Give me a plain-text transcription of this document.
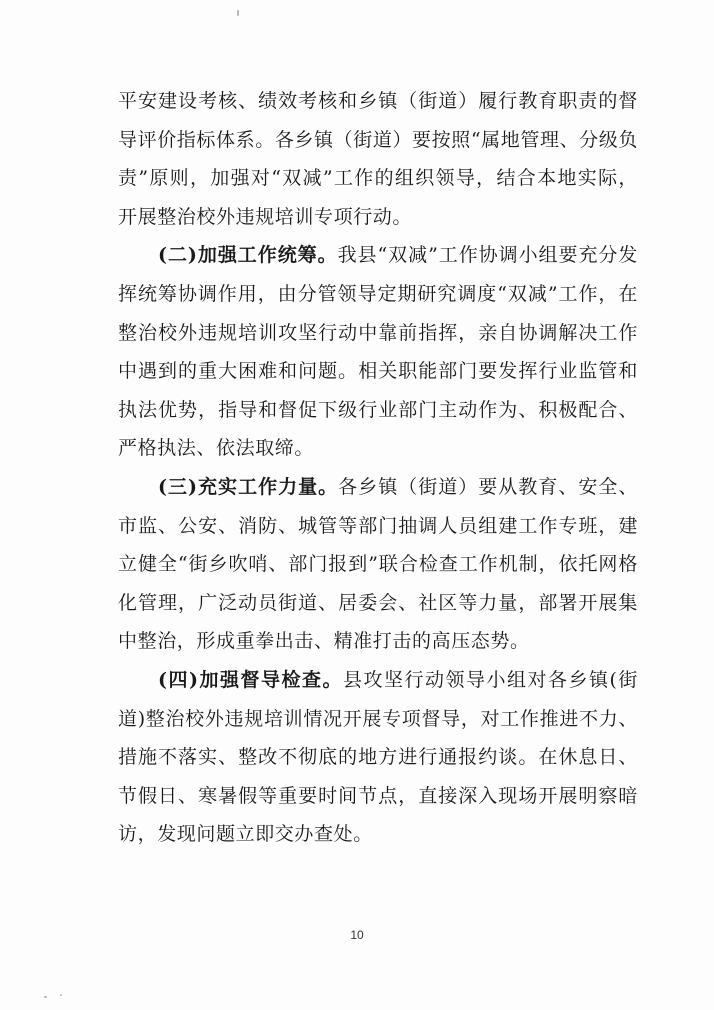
平安建设考核、绩效考核和乡镇（街道）履行教育职责的督导评价指标体系。各乡镇（街道）要按照“属地管理、分级负责”原则，加强对“双减”工作的组织领导，结合本地实际，开展整治校外违规培训专项行动。

(二)加强工作统筹。我县“双减”工作协调小组要充分发挥统筹协调作用，由分管领导定期研究调度“双减”工作，在整治校外违规培训攻坚行动中靠前指挥，亲自协调解决工作中遇到的重大困难和问题。相关职能部门要发挥行业监管和执法优势，指导和督促下级行业部门主动作为、积极配合、严格执法、依法取缔。

(三)充实工作力量。各乡镇（街道）要从教育、安全、市监、公安、消防、城管等部门抽调人员组建工作专班，建立健全“街乡吹哨、部门报到”联合检查工作机制，依托网格化管理，广泛动员街道、居委会、社区等力量，部署开展集中整治，形成重拳出击、精准打击的高压态势。

(四)加强督导检查。县攻坚行动领导小组对各乡镇(街道)整治校外违规培训情况开展专项督导，对工作推进不力、措施不落实、整改不彻底的地方进行通报约谈。在休息日、节假日、寒暑假等重要时间节点，直接深入现场开展明察暗访，发现问题立即交办查处。

10
